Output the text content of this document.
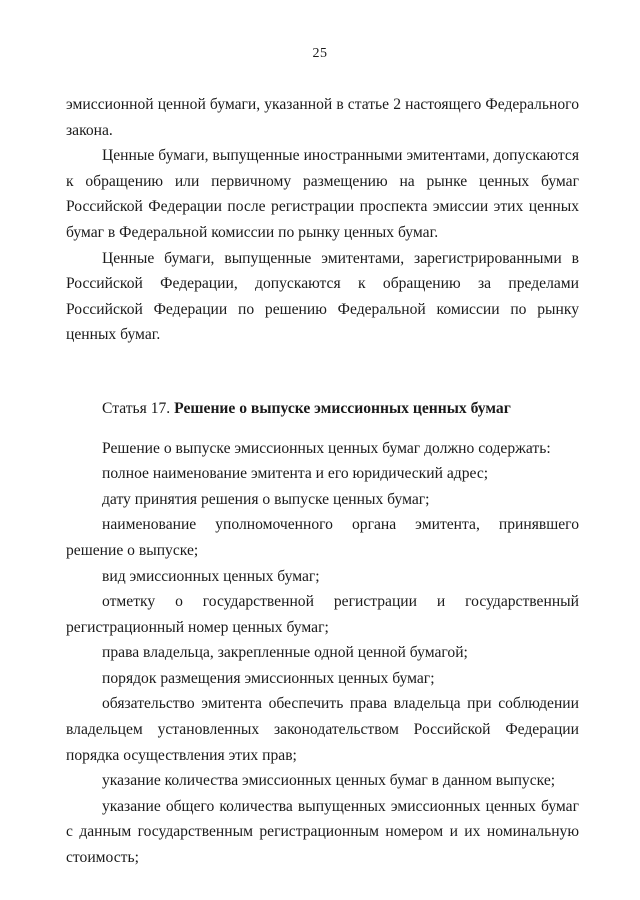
25

эмиссионной ценной бумаги, указанной в статье 2 настоящего Федерального закона.

Ценные бумаги, выпущенные иностранными эмитентами, допускаются к обращению или первичному размещению на рынке ценных бумаг Российской Федерации после регистрации проспекта эмиссии этих ценных бумаг в Федеральной комиссии по рынку ценных бумаг.

Ценные бумаги, выпущенные эмитентами, зарегистрированными в Российской Федерации, допускаются к обращению за пределами Российской Федерации по решению Федеральной комиссии по рынку ценных бумаг.

Статья 17. Решение о выпуске эмиссионных ценных бумаг

Решение о выпуске эмиссионных ценных бумаг должно содержать:

полное наименование эмитента и его юридический адрес;

дату принятия решения о выпуске ценных бумаг;

наименование уполномоченного органа эмитента, принявшего решение о выпуске;

вид эмиссионных ценных бумаг;

отметку о государственной регистрации и государственный регистрационный номер ценных бумаг;

права владельца, закрепленные одной ценной бумагой;

порядок размещения эмиссионных ценных бумаг;

обязательство эмитента обеспечить права владельца при соблюдении владельцем установленных законодательством Российской Федерации порядка осуществления этих прав;

указание количества эмиссионных ценных бумаг в данном выпуске;

указание общего количества выпущенных эмиссионных ценных бумаг с данным государственным регистрационным номером и их номинальную стоимость;
